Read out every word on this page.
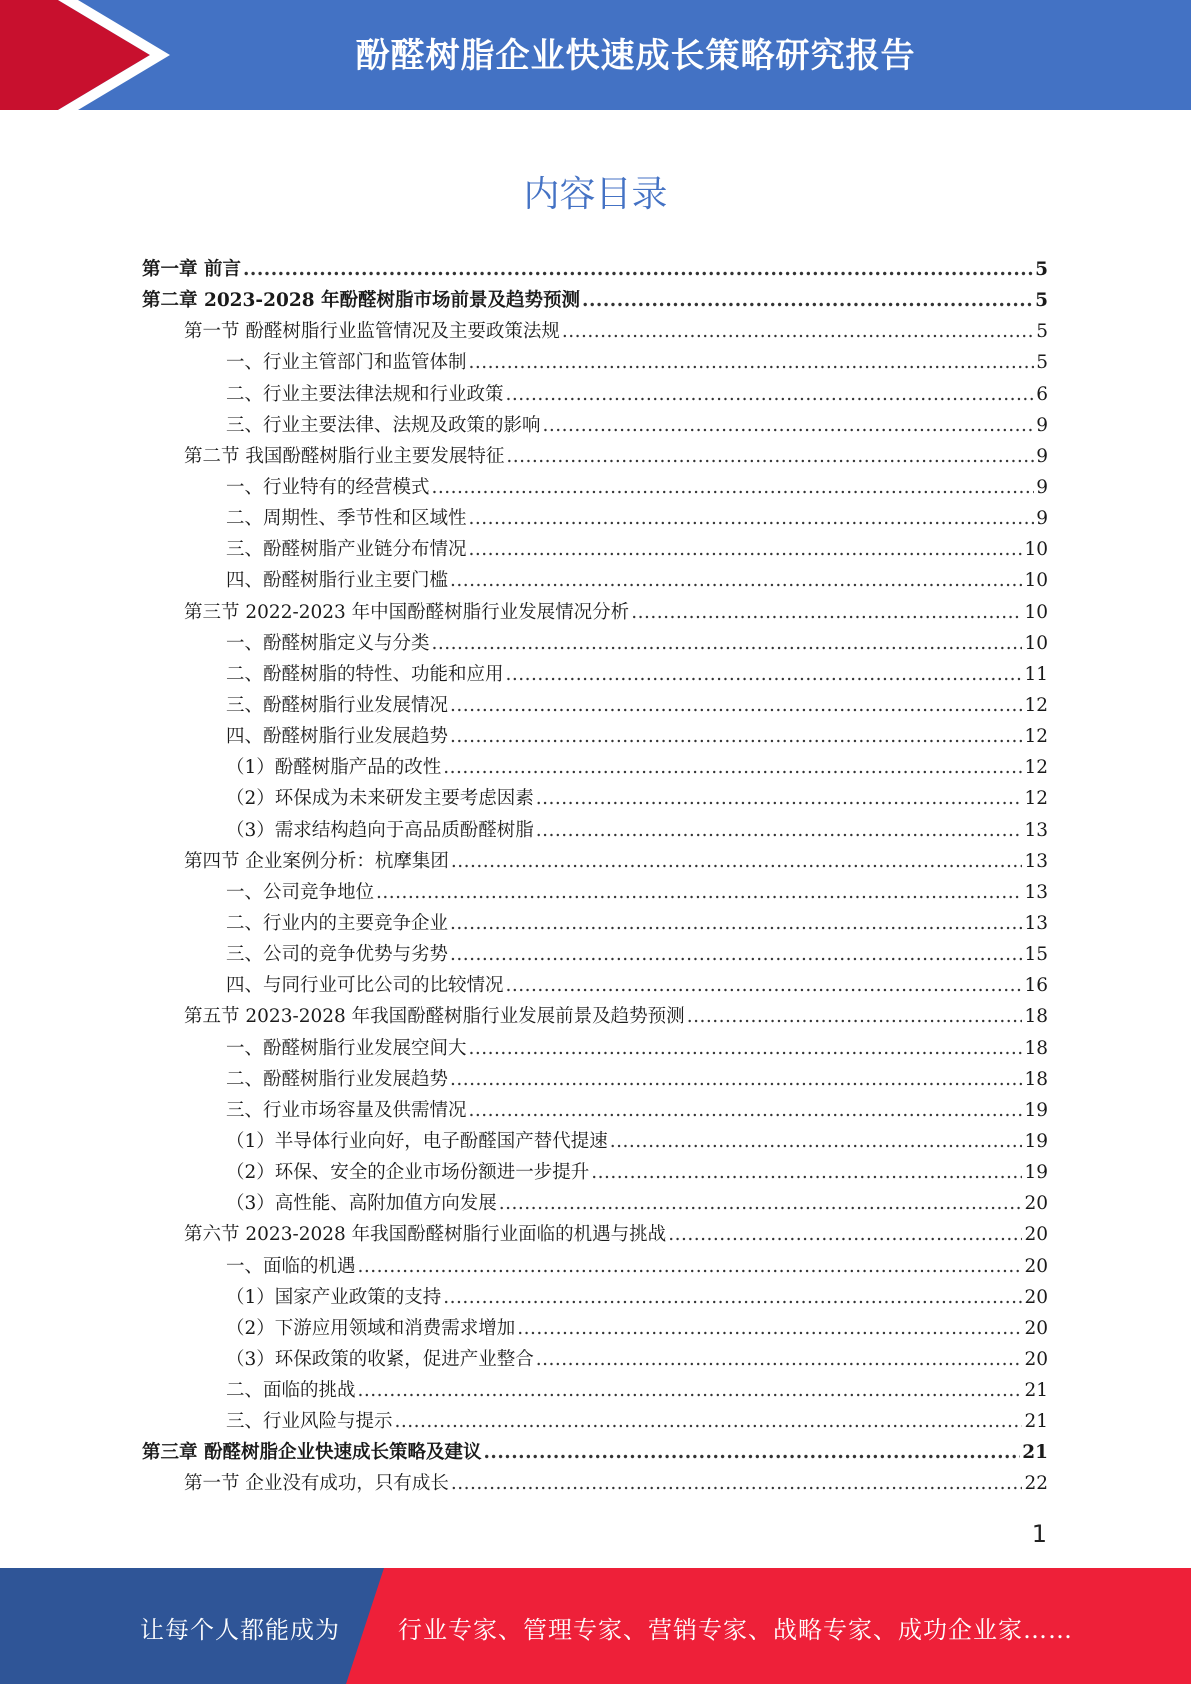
酚醛树脂企业快速成长策略研究报告
内容目录
第一章 前言 .....	5
第二章 2023-2028 年酚醛树脂市场前景及趋势预测 .....	5
第一节 酚醛树脂行业监管情况及主要政策法规 .....	5
一、行业主管部门和监管体制 .....	5
二、行业主要法律法规和行业政策 .....	6
三、行业主要法律、法规及政策的影响 .....	9
第二节 我国酚醛树脂行业主要发展特征 .....	9
一、行业特有的经营模式 .....	9
二、周期性、季节性和区域性 .....	9
三、酚醛树脂产业链分布情况 .....	10
四、酚醛树脂行业主要门槛 .....	10
第三节 2022-2023 年中国酚醛树脂行业发展情况分析 .....	10
一、酚醛树脂定义与分类 .....	10
二、酚醛树脂的特性、功能和应用 .....	11
三、酚醛树脂行业发展情况 .....	12
四、酚醛树脂行业发展趋势 .....	12
（1）酚醛树脂产品的改性 .....	12
（2）环保成为未来研发主要考虑因素 .....	12
（3）需求结构趋向于高品质酚醛树脂 .....	13
第四节 企业案例分析：杭摩集团 .....	13
一、公司竞争地位 .....	13
二、行业内的主要竞争企业 .....	13
三、公司的竞争优势与劣势 .....	15
四、与同行业可比公司的比较情况 .....	16
第五节 2023-2028 年我国酚醛树脂行业发展前景及趋势预测 .....	18
一、酚醛树脂行业发展空间大 .....	18
二、酚醛树脂行业发展趋势 .....	18
三、行业市场容量及供需情况 .....	19
（1）半导体行业向好，电子酚醛国产替代提速 .....	19
（2）环保、安全的企业市场份额进一步提升 .....	19
（3）高性能、高附加值方向发展 .....	20
第六节 2023-2028 年我国酚醛树脂行业面临的机遇与挑战 .....	20
一、面临的机遇 .....	20
（1）国家产业政策的支持 .....	20
（2）下游应用领域和消费需求增加 .....	20
（3）环保政策的收紧，促进产业整合 .....	20
二、面临的挑战 .....	21
三、行业风险与提示 .....	21
第三章 酚醛树脂企业快速成长策略及建议 .....	21
第一节 企业没有成功，只有成长 .....	22
1
让每个人都能成为 行业专家、管理专家、营销专家、战略专家、成功企业家……
